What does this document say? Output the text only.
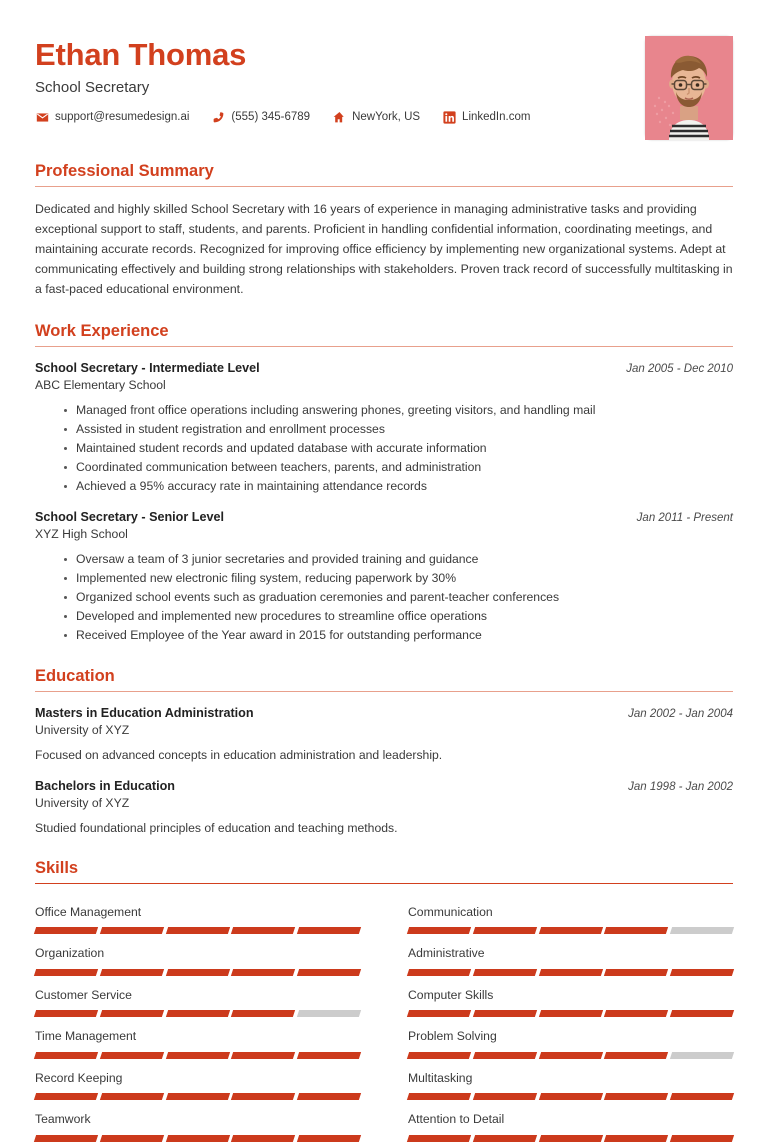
Ethan Thomas
School Secretary
support@resumedesign.ai	(555) 345-6789	NewYork, US	LinkedIn.com
Professional Summary
Dedicated and highly skilled School Secretary with 16 years of experience in managing administrative tasks and providing exceptional support to staff, students, and parents. Proficient in handling confidential information, coordinating meetings, and maintaining accurate records. Recognized for improving office efficiency by implementing new organizational systems. Adept at communicating effectively and building strong relationships with stakeholders. Proven track record of successfully multitasking in a fast-paced educational environment.
Work Experience
School Secretary - Intermediate Level	Jan 2005 - Dec 2010
ABC Elementary School
Managed front office operations including answering phones, greeting visitors, and handling mail
Assisted in student registration and enrollment processes
Maintained student records and updated database with accurate information
Coordinated communication between teachers, parents, and administration
Achieved a 95% accuracy rate in maintaining attendance records
School Secretary - Senior Level	Jan 2011 - Present
XYZ High School
Oversaw a team of 3 junior secretaries and provided training and guidance
Implemented new electronic filing system, reducing paperwork by 30%
Organized school events such as graduation ceremonies and parent-teacher conferences
Developed and implemented new procedures to streamline office operations
Received Employee of the Year award in 2015 for outstanding performance
Education
Masters in Education Administration	Jan 2002 - Jan 2004
University of XYZ
Focused on advanced concepts in education administration and leadership.
Bachelors in Education	Jan 1998 - Jan 2002
University of XYZ
Studied foundational principles of education and teaching methods.
Skills
Office Management	Communication
Organization	Administrative
Customer Service	Computer Skills
Time Management	Problem Solving
Record Keeping	Multitasking
Teamwork	Attention to Detail
